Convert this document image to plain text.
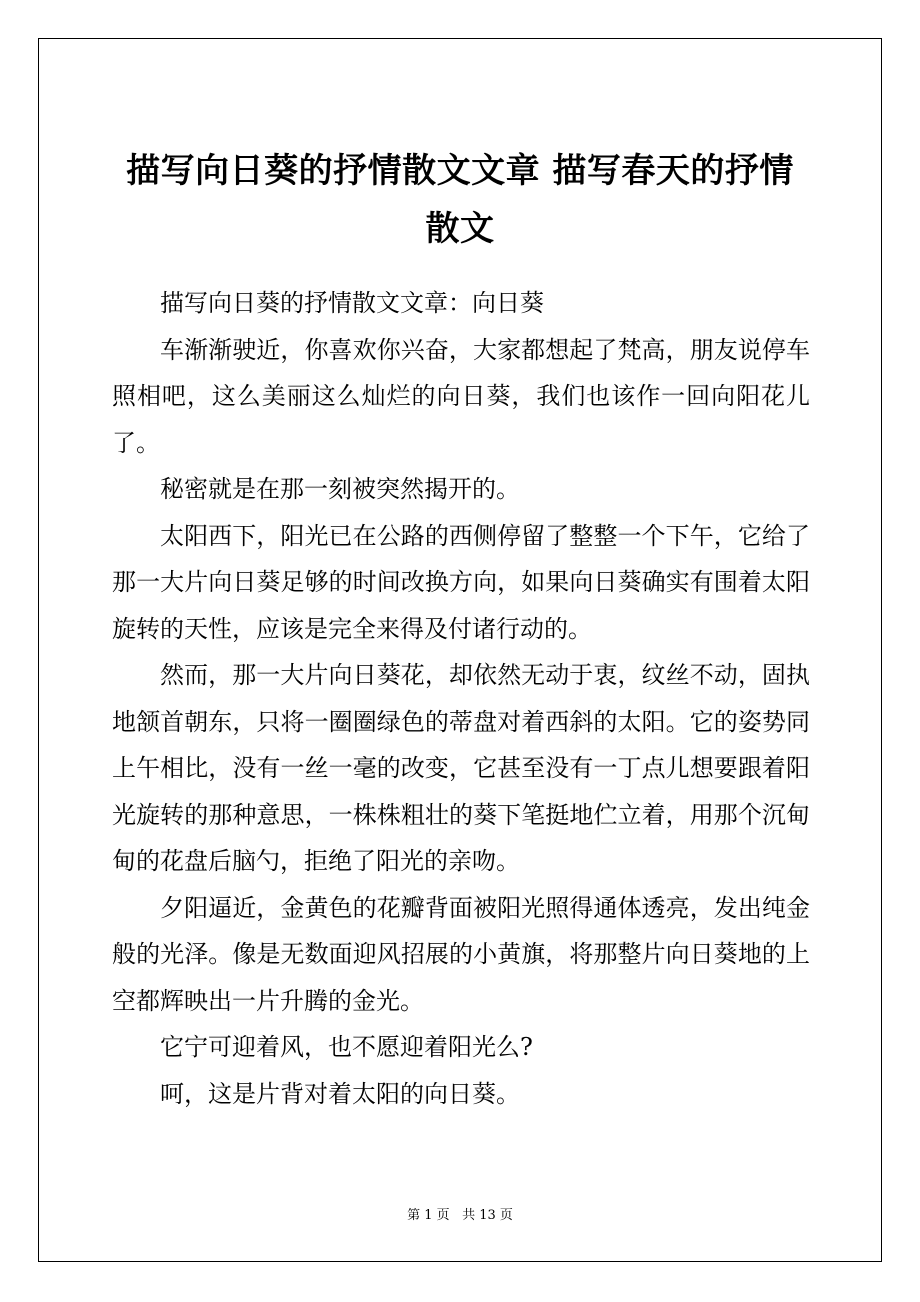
描写向日葵的抒情散文文章 描写春天的抒情散文

描写向日葵的抒情散文文章：向日葵

车渐渐驶近，你喜欢你兴奋，大家都想起了梵高，朋友说停车照相吧，这么美丽这么灿烂的向日葵，我们也该作一回向阳花儿了。

秘密就是在那一刻被突然揭开的。

太阳西下，阳光已在公路的西侧停留了整整一个下午，它给了那一大片向日葵足够的时间改换方向，如果向日葵确实有围着太阳旋转的天性，应该是完全来得及付诸行动的。

然而，那一大片向日葵花，却依然无动于衷，纹丝不动，固执地颔首朝东，只将一圈圈绿色的蒂盘对着西斜的太阳。它的姿势同上午相比，没有一丝一毫的改变，它甚至没有一丁点儿想要跟着阳光旋转的那种意思，一株株粗壮的葵下笔挺地伫立着，用那个沉甸甸的花盘后脑勺，拒绝了阳光的亲吻。

夕阳逼近，金黄色的花瓣背面被阳光照得通体透亮，发出纯金般的光泽。像是无数面迎风招展的小黄旗，将那整片向日葵地的上空都辉映出一片升腾的金光。

它宁可迎着风，也不愿迎着阳光么?

呵，这是片背对着太阳的向日葵。

第 1 页 共 13 页
